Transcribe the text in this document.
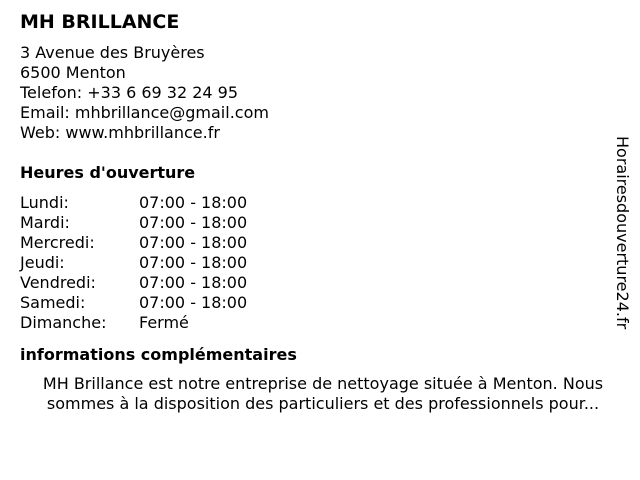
MH BRILLANCE
3 Avenue des Bruyères
6500 Menton
Telefon: +33 6 69 32 24 95
Email: mhbrillance@gmail.com
Web: www.mhbrillance.fr
Heures d'ouverture
Lundi:	07:00 - 18:00
Mardi:	07:00 - 18:00
Mercredi:	07:00 - 18:00
Jeudi:	07:00 - 18:00
Vendredi:	07:00 - 18:00
Samedi:	07:00 - 18:00
Dimanche:	Fermé
informations complémentaires
MH Brillance est notre entreprise de nettoyage située à Menton. Nous sommes à la disposition des particuliers et des professionnels pour...
Horairesdouverture24.fr
